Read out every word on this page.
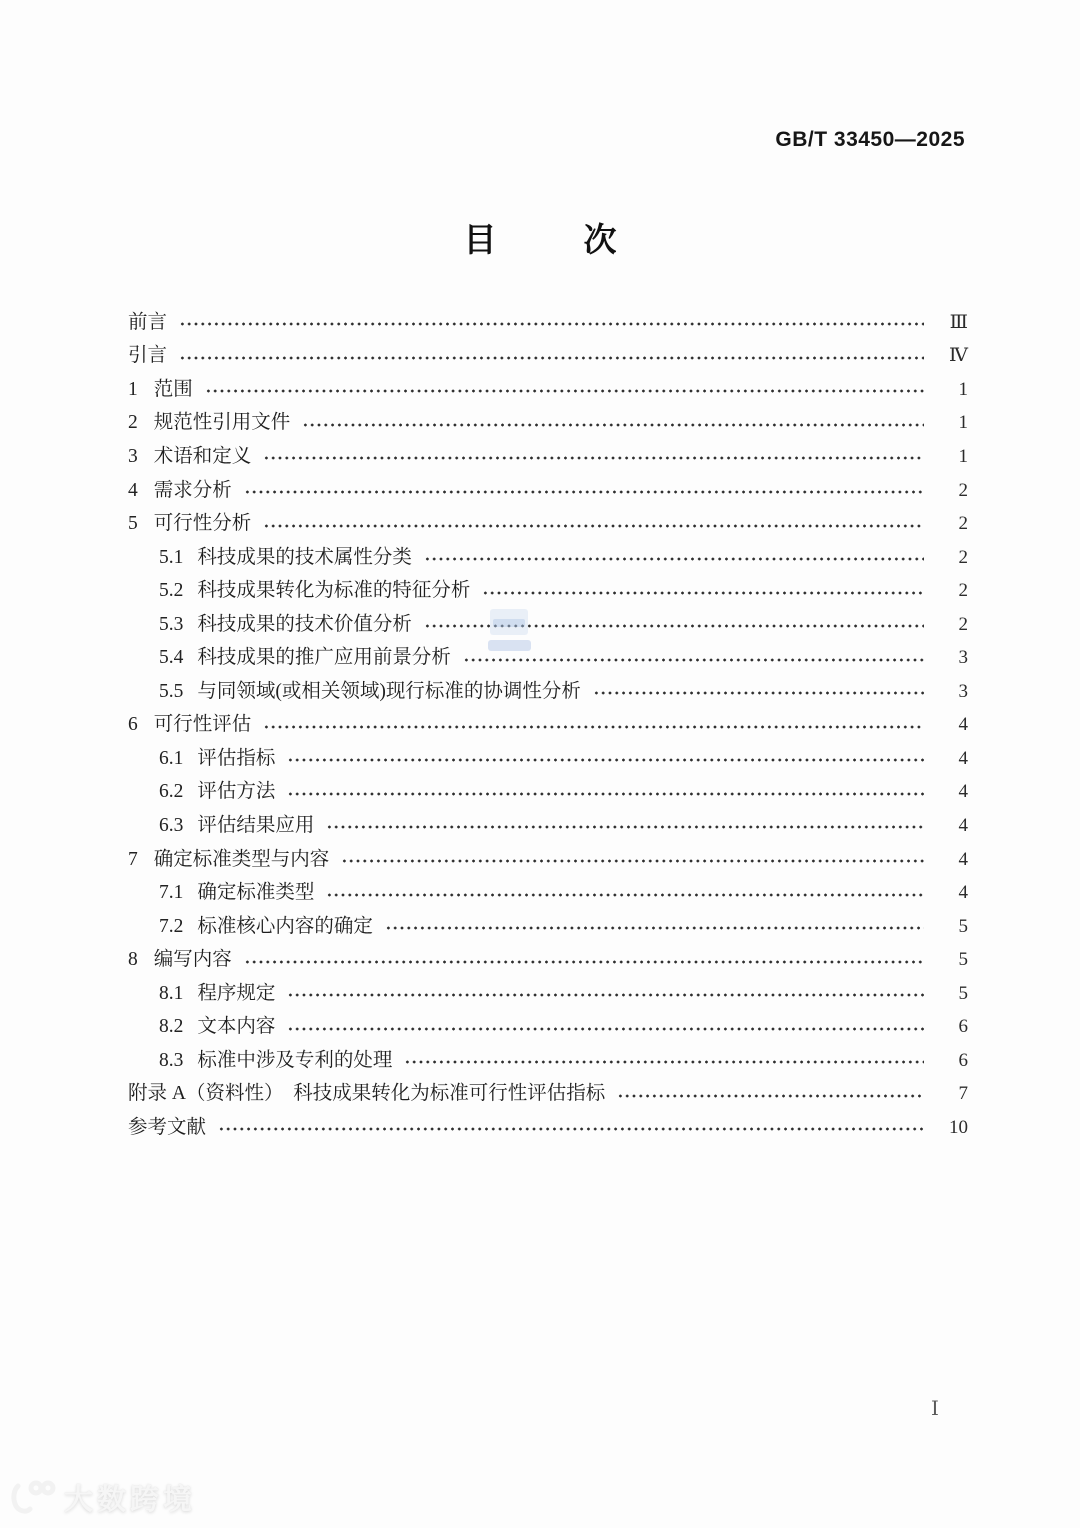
GB/T 33450—2025
目　次
前言	Ⅲ
引言	Ⅳ
1 范围	1
2 规范性引用文件	1
3 术语和定义	1
4 需求分析	2
5 可行性分析	2
5.1 科技成果的技术属性分类	2
5.2 科技成果转化为标准的特征分析	2
5.3 科技成果的技术价值分析	2
5.4 科技成果的推广应用前景分析	3
5.5 与同领域(或相关领域)现行标准的协调性分析	3
6 可行性评估	4
6.1 评估指标	4
6.2 评估方法	4
6.3 评估结果应用	4
7 确定标准类型与内容	4
7.1 确定标准类型	4
7.2 标准核心内容的确定	5
8 编写内容	5
8.1 程序规定	5
8.2 文本内容	6
8.3 标准中涉及专利的处理	6
附录 A（资料性）　科技成果转化为标准可行性评估指标	7
参考文献	10
Ⅰ
大数跨境
